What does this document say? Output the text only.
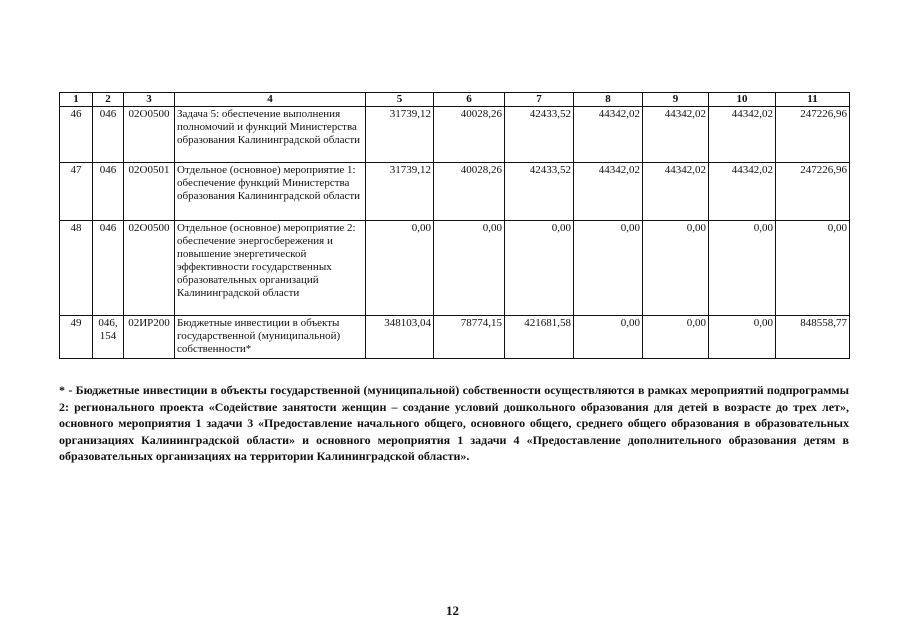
1	2	3	4	5	6	7	8	9	10	11
46	046	02О0500	Задача 5: обеспечение выполнения полномочий и функций Министерства образования Калининградской области	31739,12	40028,26	42433,52	44342,02	44342,02	44342,02	247226,96
47	046	02О0501	Отдельное (основное) мероприятие 1: обеспечение функций Министерства образования Калининградской области	31739,12	40028,26	42433,52	44342,02	44342,02	44342,02	247226,96
48	046	02О0500	Отдельное (основное) мероприятие 2: обеспечение энергосбережения и повышение энергетической эффективности государственных образовательных организаций Калининградской области	0,00	0,00	0,00	0,00	0,00	0,00	0,00
49	046, 154	02ИР200	Бюджетные инвестиции в объекты государственной (муниципальной) собственности*	348103,04	78774,15	421681,58	0,00	0,00	0,00	848558,77

* - Бюджетные инвестиции в объекты государственной (муниципальной) собственности осуществляются в рамках мероприятий подпрограммы 2: регионального проекта «Содействие занятости женщин – создание условий дошкольного образования для детей в возрасте до трех лет», основного мероприятия 1 задачи 3 «Предоставление начального общего, основного общего, среднего общего образования в образовательных организациях Калининградской области» и основного мероприятия 1 задачи 4 «Предоставление дополнительного образования детям в образовательных организациях на территории Калининградской области».

12
